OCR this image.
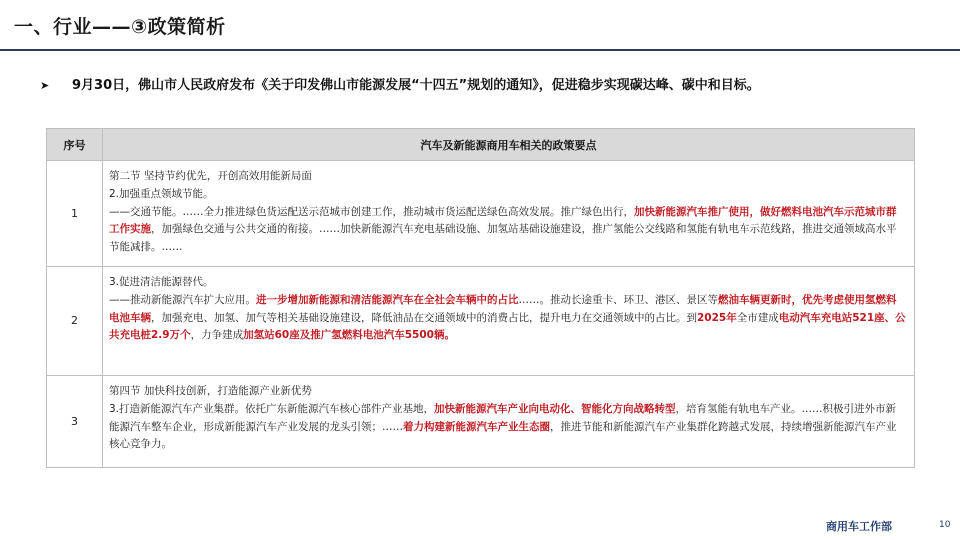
一、行业——③政策简析
➤ 9月30日，佛山市人民政府发布《关于印发佛山市能源发展“十四五”规划的通知》，促进稳步实现碳达峰、碳中和目标。
序号	汽车及新能源商用车相关的政策要点
1	第二节 坚持节约优先，开创高效用能新局面

2.加强重点领域节能。

——交通节能。……全力推进绿色货运配送示范城市创建工作，推动城市货运配送绿色高效发展。推广绿色出行，加快新能源汽车推广使用，做好燃料电池汽车示范城市群工作实施，加强绿色交通与公共交通的衔接。……加快新能源汽车充电基础设施、加氢站基础设施建设，推广氢能公交线路和氢能有轨电车示范线路，推进交通领域高水平节能减排。……

2	3.促进清洁能源替代。

——推动新能源汽车扩大应用。进一步增加新能源和清洁能源汽车在全社会车辆中的占比……。推动长途重卡、环卫、港区、景区等燃油车辆更新时，优先考虑使用氢燃料电池车辆，加强充电、加氢、加气等相关基础设施建设，降低油品在交通领域中的消费占比，提升电力在交通领域中的占比。到2025年全市建成电动汽车充电站521座、公共充电桩2.9万个，力争建成加氢站60座及推广氢燃料电池汽车5500辆。

3	第四节 加快科技创新，打造能源产业新优势

3.打造新能源汽车产业集群。依托广东新能源汽车核心部件产业基地，加快新能源汽车产业向电动化、智能化方向战略转型，培育氢能有轨电车产业。……积极引进外市新能源汽车整车企业，形成新能源汽车产业发展的龙头引领；……着力构建新能源汽车产业生态圈，推进节能和新能源汽车产业集群化跨越式发展，持续增强新能源汽车产业核心竞争力。

商用车工作部	10
